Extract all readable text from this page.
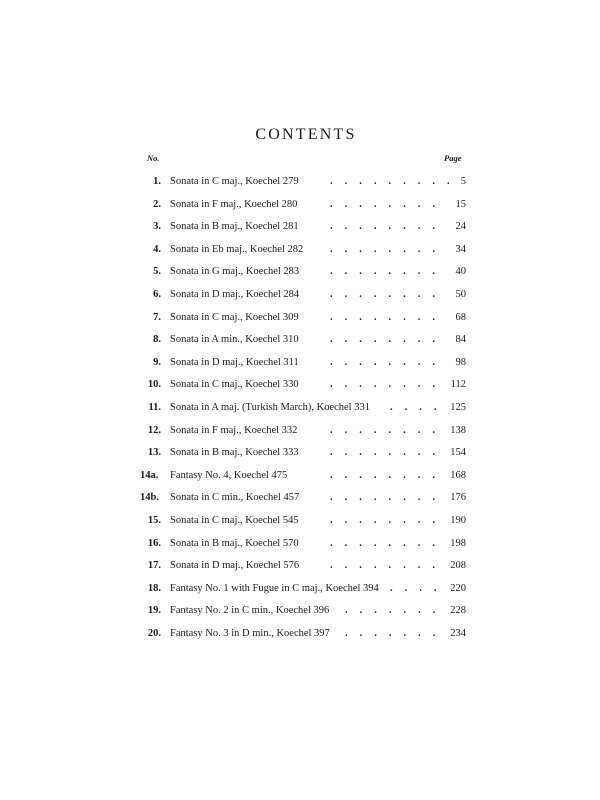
CONTENTS
No.	Page
1. Sonata in C maj., Koechel 279	......... 5
2. Sonata in F maj., Koechel 280	........ 15
3. Sonata in B maj., Koechel 281	........ 24
4. Sonata in Eb maj., Koechel 282	........ 34
5. Sonata in G maj., Koechel 283	........ 40
6. Sonata in D maj., Koechel 284	........ 50
7. Sonata in C maj., Koechel 309	........ 68
8. Sonata in A min., Koechel 310	........ 84
9. Sonata in D maj., Koechel 311	........ 98
10. Sonata in C maj., Koechel 330	........ 112
11. Sonata in A maj. (Turkish March), Koechel 331 .... 125
12. Sonata in F maj., Koechel 332	........ 138
13. Sonata in B maj., Koechel 333	........ 154
14a.	Fantasy No. 4, Koechel 475	........ 168
14b.	Sonata in C min., Koechel 457	........ 176
15. Sonata in C maj., Koechel 545	........ 190
16. Sonata in B maj., Koechel 570	........ 198
17. Sonata in D maj., Koechel 576	........ 208
18. Fantasy No. 1 with Fugue in C maj., Koechel 394 .... 220
19. Fantasy No. 2 in C min., Koechel 396 ....... 228
20. Fantasy No. 3 in D min., Koechel 397 ....... 234
